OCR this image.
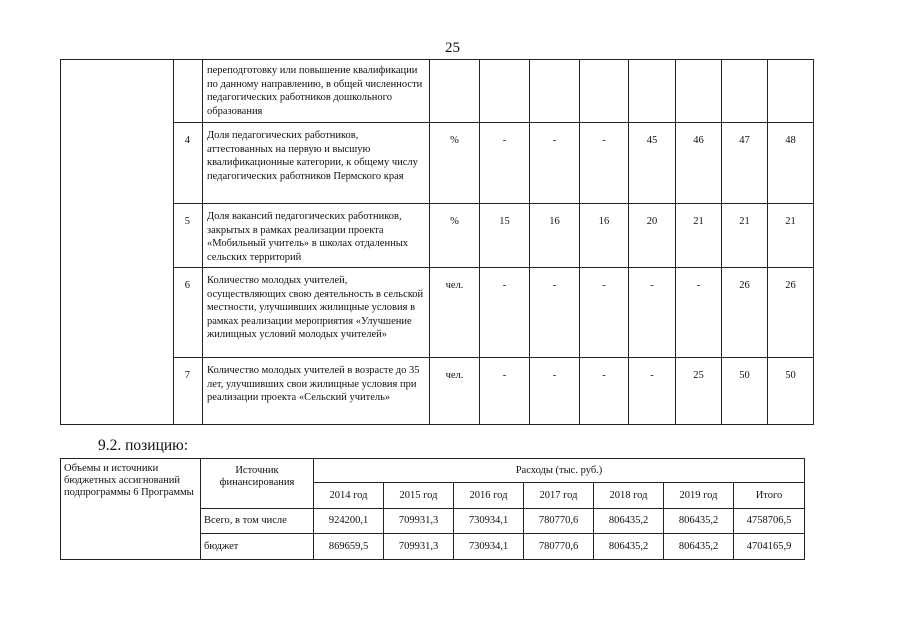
25
		переподготовку или повышение квалификации по данному направлению, в общей численности педагогических работников дошкольного образования								
	4	Доля педагогических работников, аттестованных на первую и высшую квалификационные категории, к общему числу педагогических работников Пермского края	%	-	-	-	45	46	47	48
	5	Доля вакансий педагогических работников, закрытых в рамках реализации проекта «Мобильный учитель» в школах отдаленных сельских территорий	%	15	16	16	20	21	21	21
	6	Количество молодых учителей, осуществляющих свою деятельность в сельской местности, улучшивших жилищные условия в рамках реализации мероприятия «Улучшение жилищных условий молодых учителей»	чел.	-	-	-	-	-	26	26
	7	Количество молодых учителей в возрасте до 35 лет, улучшивших свои жилищные условия при реализации проекта «Сельский учитель»	чел.	-	-	-	-	25	50	50
9.2. позицию:
Объемы и источники бюджетных ассигнований подпрограммы 6 Программы	Источник финансирования	Расходы (тыс. руб.)						
		2014 год	2015 год	2016 год	2017 год	2018 год	2019 год	Итого
	Всего, в том числе	924200,1	709931,3	730934,1	780770,6	806435,2	806435,2	4758706,5
	бюджет	869659,5	709931,3	730934,1	780770,6	806435,2	806435,2	4704165,9
